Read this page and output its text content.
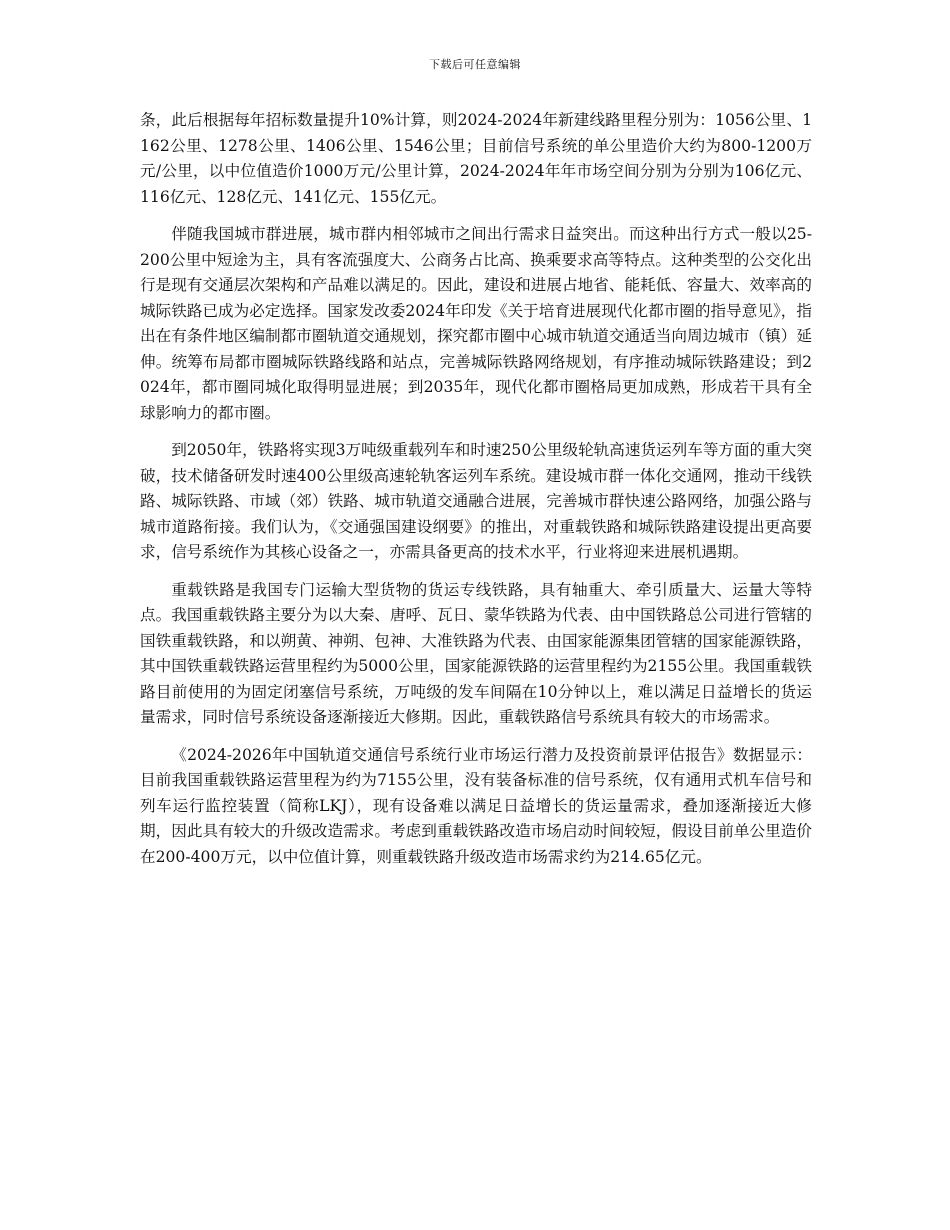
下载后可任意编辑

条，此后根据每年招标数量提升10%计算，则2024-2024年新建线路里程分别为：1056公里、1162公里、1278公里、1406公里、1546公里；目前信号系统的单公里造价大约为800-1200万元/公里，以中位值造价1000万元/公里计算，2024-2024年年市场空间分别为分别为106亿元、116亿元、128亿元、141亿元、155亿元。

伴随我国城市群进展，城市群内相邻城市之间出行需求日益突出。而这种出行方式一般以25-200公里中短途为主，具有客流强度大、公商务占比高、换乘要求高等特点。这种类型的公交化出行是现有交通层次架构和产品难以满足的。因此，建设和进展占地省、能耗低、容量大、效率高的城际铁路已成为必定选择。国家发改委2024年印发《关于培育进展现代化都市圈的指导意见》，指出在有条件地区编制都市圈轨道交通规划，探究都市圈中心城市轨道交通适当向周边城市（镇）延伸。统筹布局都市圈城际铁路线路和站点，完善城际铁路网络规划，有序推动城际铁路建设；到2024年，都市圈同城化取得明显进展；到2035年，现代化都市圈格局更加成熟，形成若干具有全球影响力的都市圈。

到2050年，铁路将实现3万吨级重载列车和时速250公里级轮轨高速货运列车等方面的重大突破，技术储备研发时速400公里级高速轮轨客运列车系统。建设城市群一体化交通网，推动干线铁路、城际铁路、市域（郊）铁路、城市轨道交通融合进展，完善城市群快速公路网络，加强公路与城市道路衔接。我们认为，《交通强国建设纲要》的推出，对重载铁路和城际铁路建设提出更高要求，信号系统作为其核心设备之一，亦需具备更高的技术水平，行业将迎来进展机遇期。

重载铁路是我国专门运输大型货物的货运专线铁路，具有轴重大、牵引质量大、运量大等特点。我国重载铁路主要分为以大秦、唐呼、瓦日、蒙华铁路为代表、由中国铁路总公司进行管辖的国铁重载铁路，和以朔黄、神朔、包神、大准铁路为代表、由国家能源集团管辖的国家能源铁路，其中国铁重载铁路运营里程约为5000公里，国家能源铁路的运营里程约为2155公里。我国重载铁路目前使用的为固定闭塞信号系统，万吨级的发车间隔在10分钟以上，难以满足日益增长的货运量需求，同时信号系统设备逐渐接近大修期。因此，重载铁路信号系统具有较大的市场需求。

《2024-2026年中国轨道交通信号系统行业市场运行潜力及投资前景评估报告》数据显示：目前我国重载铁路运营里程为约为7155公里，没有装备标准的信号系统，仅有通用式机车信号和列车运行监控装置（简称LKJ），现有设备难以满足日益增长的货运量需求，叠加逐渐接近大修期，因此具有较大的升级改造需求。考虑到重载铁路改造市场启动时间较短，假设目前单公里造价在200-400万元，以中位值计算，则重载铁路升级改造市场需求约为214.65亿元。
